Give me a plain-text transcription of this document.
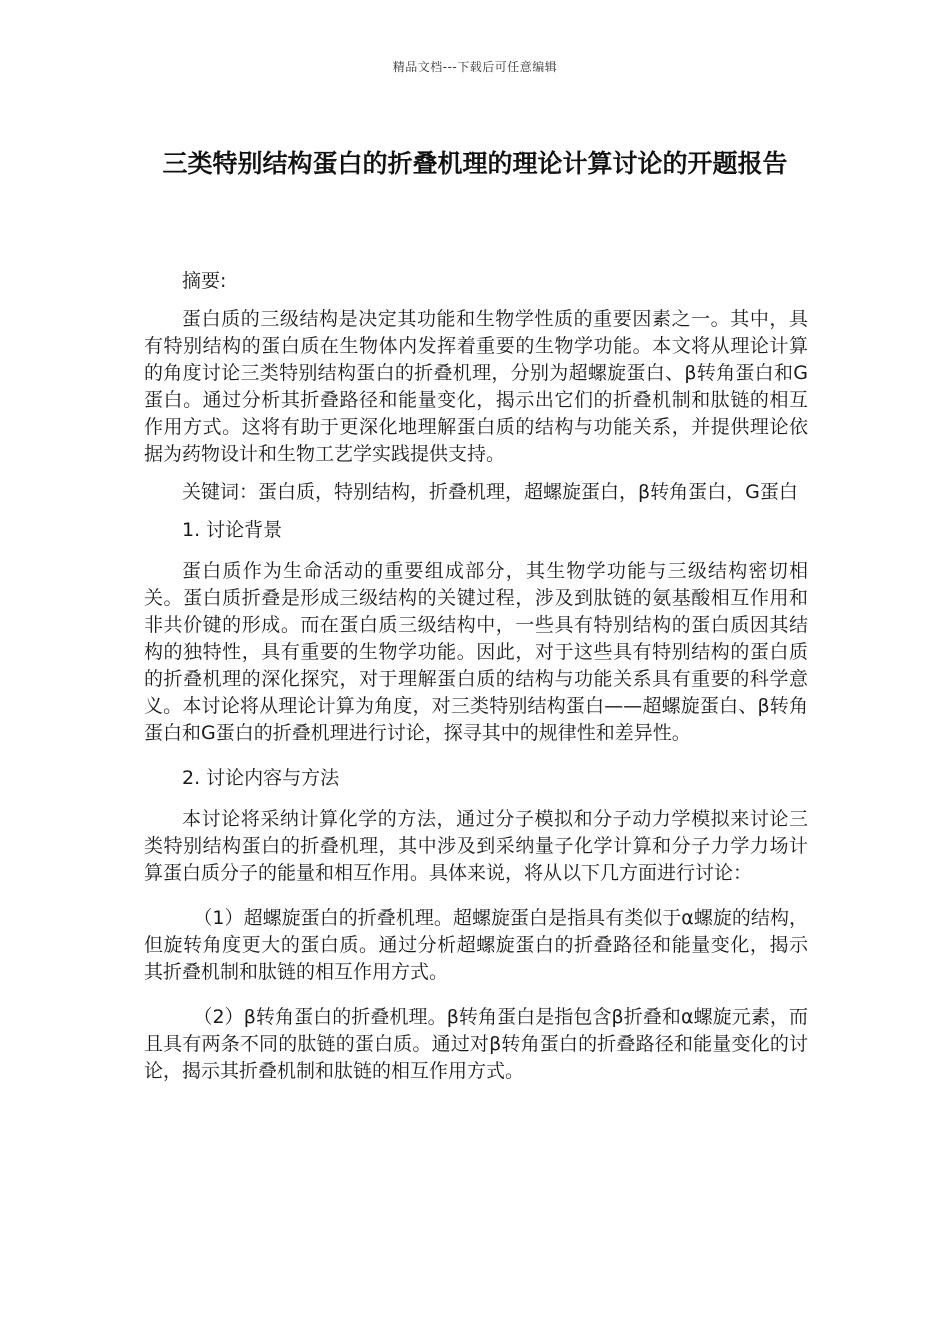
精品文档---下载后可任意编辑
三类特别结构蛋白的折叠机理的理论计算讨论的开题报告

摘要:

蛋白质的三级结构是决定其功能和生物学性质的重要因素之一。其中，具有特别结构的蛋白质在生物体内发挥着重要的生物学功能。本文将从理论计算的角度讨论三类特别结构蛋白的折叠机理，分别为超螺旋蛋白、β转角蛋白和G蛋白。通过分析其折叠路径和能量变化，揭示出它们的折叠机制和肽链的相互作用方式。这将有助于更深化地理解蛋白质的结构与功能关系，并提供理论依据为药物设计和生物工艺学实践提供支持。

关键词：蛋白质，特别结构，折叠机理，超螺旋蛋白，β转角蛋白，G蛋白

1. 讨论背景

蛋白质作为生命活动的重要组成部分，其生物学功能与三级结构密切相关。蛋白质折叠是形成三级结构的关键过程，涉及到肽链的氨基酸相互作用和非共价键的形成。而在蛋白质三级结构中，一些具有特别结构的蛋白质因其结构的独特性，具有重要的生物学功能。因此，对于这些具有特别结构的蛋白质的折叠机理的深化探究，对于理解蛋白质的结构与功能关系具有重要的科学意义。本讨论将从理论计算为角度，对三类特别结构蛋白——超螺旋蛋白、β转角蛋白和G蛋白的折叠机理进行讨论，探寻其中的规律性和差异性。

2. 讨论内容与方法

本讨论将采纳计算化学的方法，通过分子模拟和分子动力学模拟来讨论三类特别结构蛋白的折叠机理，其中涉及到采纳量子化学计算和分子力学力场计算蛋白质分子的能量和相互作用。具体来说，将从以下几方面进行讨论：

（1）超螺旋蛋白的折叠机理。超螺旋蛋白是指具有类似于α螺旋的结构，但旋转角度更大的蛋白质。通过分析超螺旋蛋白的折叠路径和能量变化，揭示其折叠机制和肽链的相互作用方式。

（2）β转角蛋白的折叠机理。β转角蛋白是指包含β折叠和α螺旋元素，而且具有两条不同的肽链的蛋白质。通过对β转角蛋白的折叠路径和能量变化的讨论，揭示其折叠机制和肽链的相互作用方式。
